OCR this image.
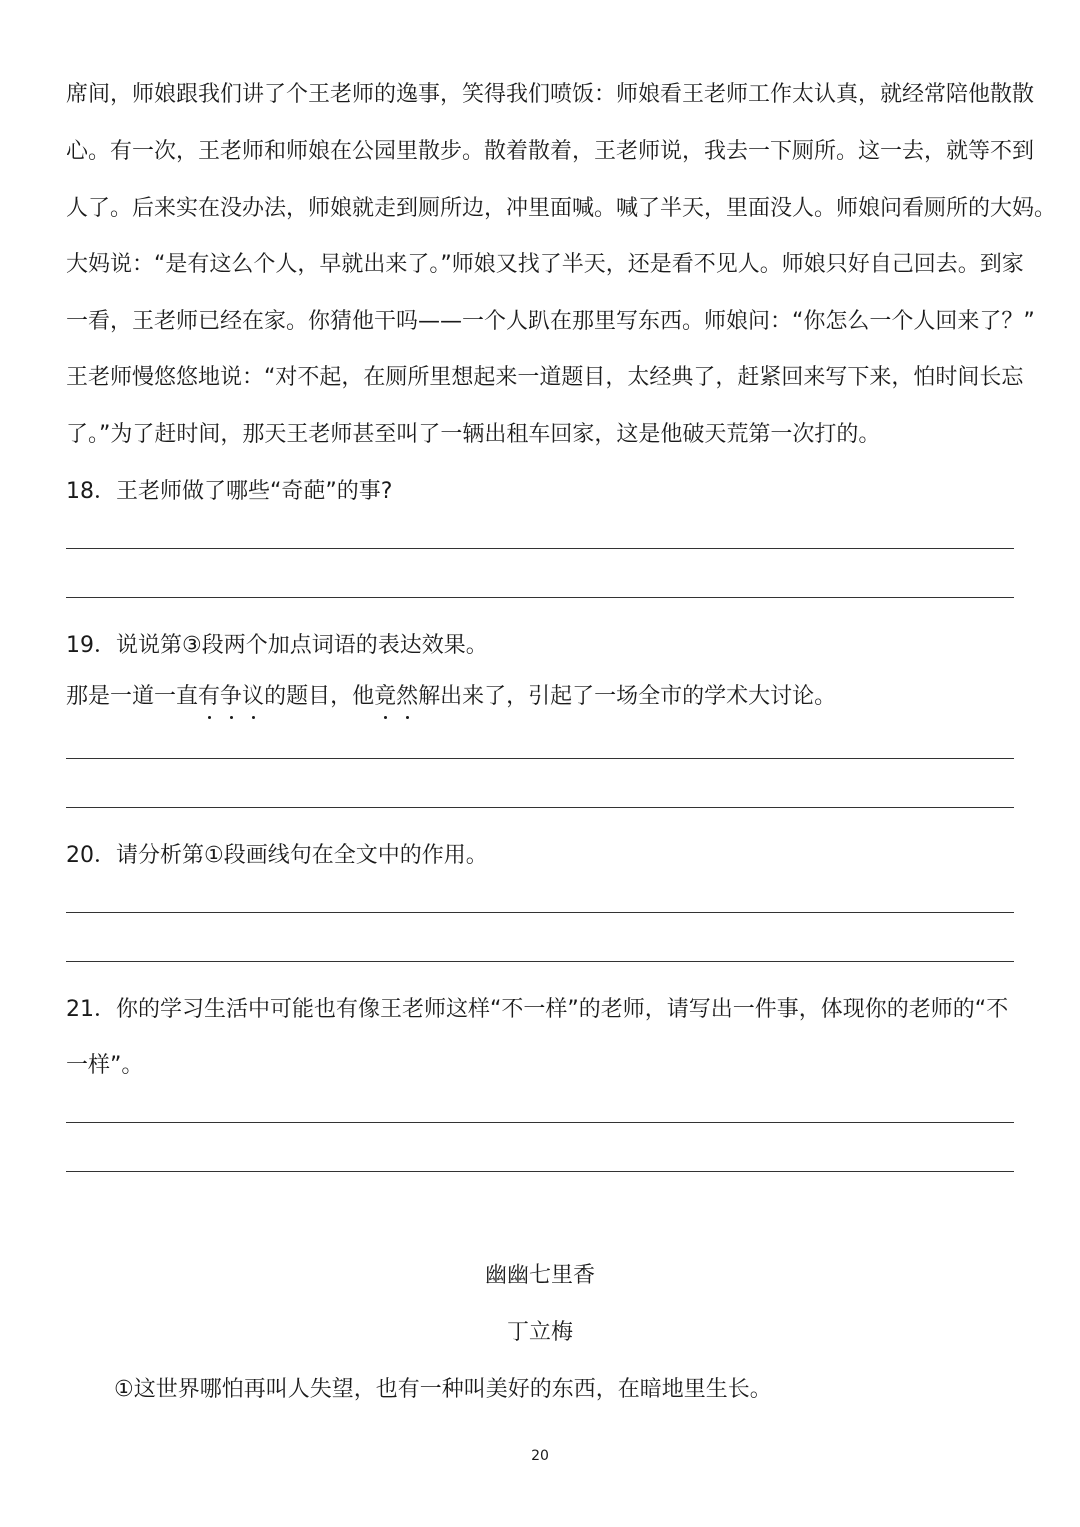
席间，师娘跟我们讲了个王老师的逸事，笑得我们喷饭：师娘看王老师工作太认真，就经常陪他散散
心。有一次，王老师和师娘在公园里散步。散着散着，王老师说，我去一下厕所。这一去，就等不到
人了。后来实在没办法，师娘就走到厕所边，冲里面喊。喊了半天，里面没人。师娘问看厕所的大妈。
大妈说：“是有这么个人，早就出来了。”师娘又找了半天，还是看不见人。师娘只好自己回去。到家
一看，王老师已经在家。你猜他干吗——一个人趴在那里写东西。师娘问：“你怎么一个人回来了？”
王老师慢悠悠地说：“对不起，在厕所里想起来一道题目，太经典了，赶紧回来写下来，怕时间长忘
了。”为了赶时间，那天王老师甚至叫了一辆出租车回家，这是他破天荒第一次打的。
18．王老师做了哪些“奇葩”的事?
19．说说第③段两个加点词语的表达效果。
那是一道一直有争议的题目，他竟然解出来了，引起了一场全市的学术大讨论。
20．请分析第①段画线句在全文中的作用。
21．你的学习生活中可能也有像王老师这样“不一样”的老师，请写出一件事，体现你的老师的“不
一样”。
幽幽七里香
丁立梅
①这世界哪怕再叫人失望，也有一种叫美好的东西，在暗地里生长。
20
